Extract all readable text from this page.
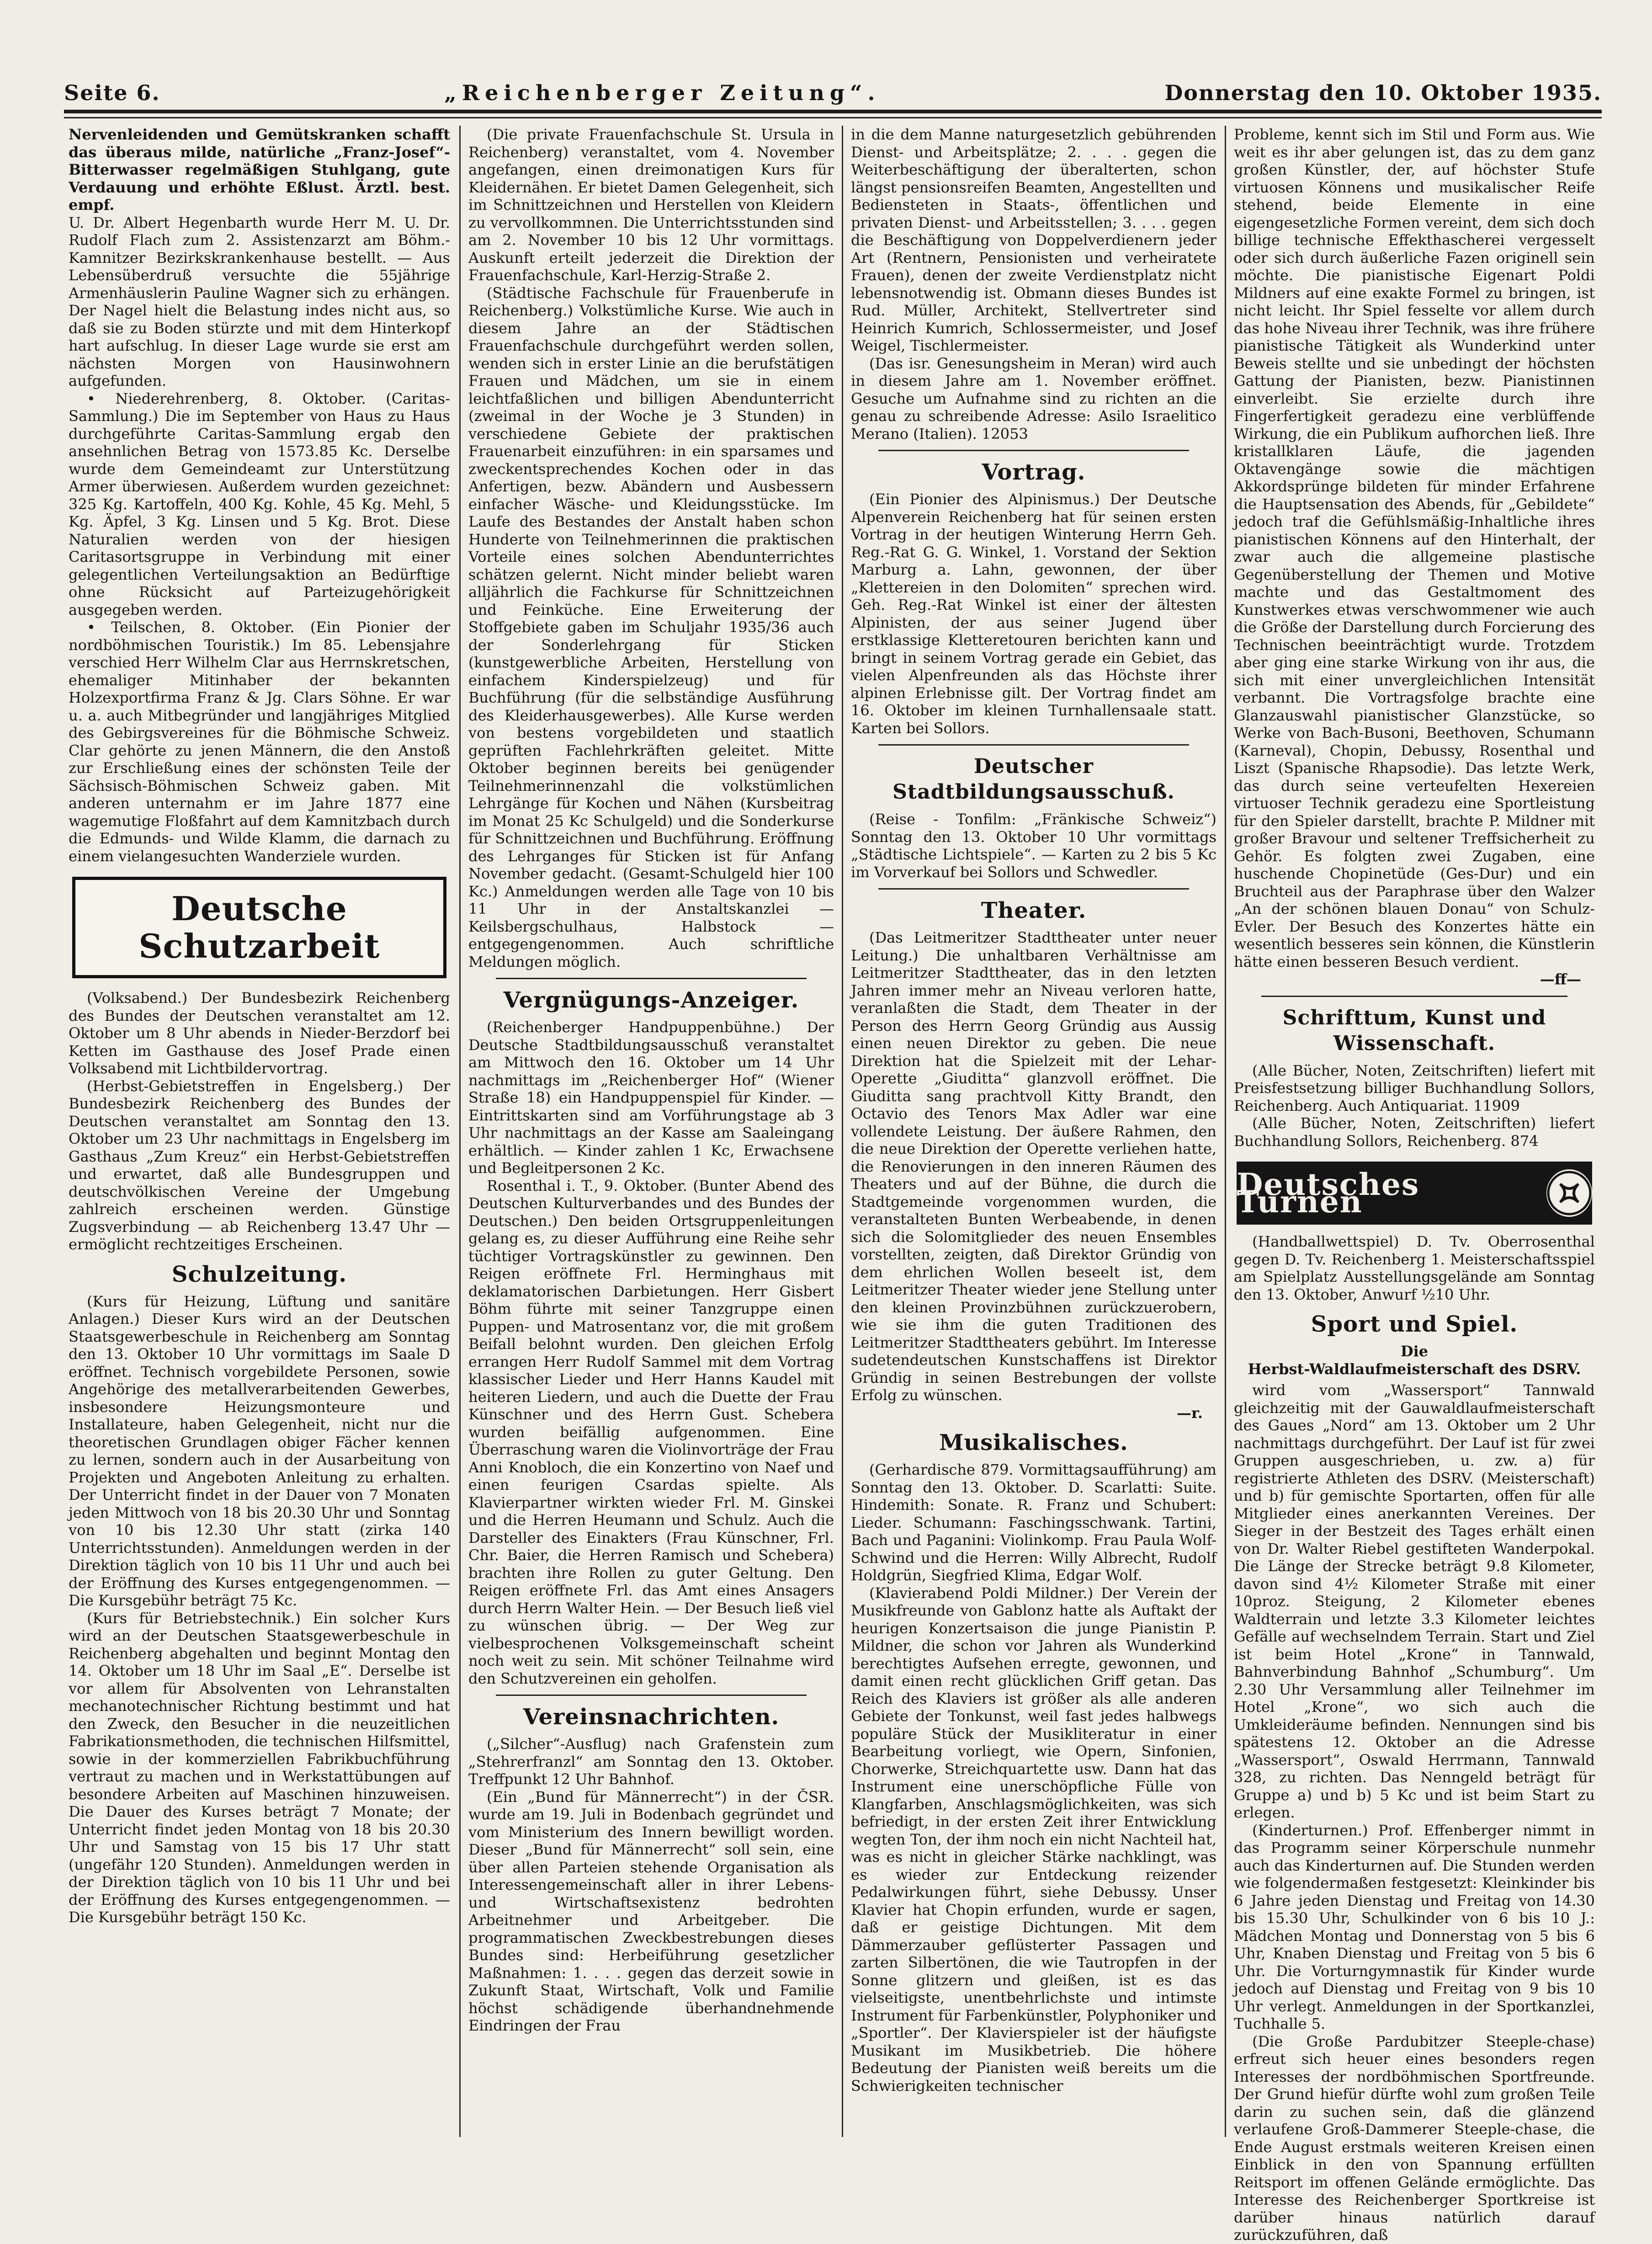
Seite 6.	„Reichenberger Zeitung“.	Donnerstag den 10. Oktober 1935.

Nervenleidenden und Gemütskranken schafft das überaus milde, natürliche „Franz-Josef“-Bitterwasser regelmäßigen Stuhlgang, gute Verdauung und erhöhte Eßlust. Ärztl. best. empf.

U. Dr. Albert Hegenbarth wurde Herr M. U. Dr. Rudolf Flach zum 2. Assistenzarzt am Böhm.-Kamnitzer Bezirkskrankenhause bestellt. — Aus Lebensüberdruß versuchte die 55jährige Armenhäuslerin Pauline Wagner sich zu erhängen. Der Nagel hielt die Belastung indes nicht aus, so daß sie zu Boden stürzte und mit dem Hinterkopf hart aufschlug. In dieser Lage wurde sie erst am nächsten Morgen von Hausinwohnern aufgefunden.

• Niederehrenberg, 8. Oktober. (Caritas-Sammlung.) Die im September von Haus zu Haus durchgeführte Caritas-Sammlung ergab den ansehnlichen Betrag von 1573.85 Kc. Derselbe wurde dem Gemeindeamt zur Unterstützung Armer überwiesen. Außerdem wurden gezeichnet: 325 Kg. Kartoffeln, 400 Kg. Kohle, 45 Kg. Mehl, 5 Kg. Äpfel, 3 Kg. Linsen und 5 Kg. Brot. Diese Naturalien werden von der hiesigen Caritasortsgruppe in Verbindung mit einer gelegentlichen Verteilungsaktion an Bedürftige ohne Rücksicht auf Parteizugehörigkeit ausgegeben werden.

• Teilschen, 8. Oktober. (Ein Pionier der nordböhmischen Touristik.) Im 85. Lebensjahre verschied Herr Wilhelm Clar aus Herrnskretschen, ehemaliger Mitinhaber der bekannten Holzexportfirma Franz & Jg. Clars Söhne. Er war u. a. auch Mitbegründer und langjähriges Mitglied des Gebirgsvereines für die Böhmische Schweiz. Clar gehörte zu jenen Männern, die den Anstoß zur Erschließung eines der schönsten Teile der Sächsisch-Böhmischen Schweiz gaben. Mit anderen unternahm er im Jahre 1877 eine wagemutige Floßfahrt auf dem Kamnitzbach durch die Edmunds- und Wilde Klamm, die darnach zu einem vielangesuchten Wanderziele wurden.

Deutsche Schutzarbeit

(Volksabend.) Der Bundesbezirk Reichenberg des Bundes der Deutschen veranstaltet am 12. Oktober um 8 Uhr abends in Nieder-Berzdorf bei Ketten im Gasthause des Josef Prade einen Volksabend mit Lichtbildervortrag.

(Herbst-Gebietstreffen in Engelsberg.) Der Bundesbezirk Reichenberg des Bundes der Deutschen veranstaltet am Sonntag den 13. Oktober um 23 Uhr nachmittags in Engelsberg im Gasthaus „Zum Kreuz“ ein Herbst-Gebietstreffen und erwartet, daß alle Bundesgruppen und deutschvölkischen Vereine der Umgebung zahlreich erscheinen werden. Günstige Zugsverbindung — ab Reichenberg 13.47 Uhr — ermöglicht rechtzeitiges Erscheinen.

Schulzeitung.

(Kurs für Heizung, Lüftung und sanitäre Anlagen.) Dieser Kurs wird an der Deutschen Staatsgewerbeschule in Reichenberg am Sonntag den 13. Oktober 10 Uhr vormittags im Saale D eröffnet. Technisch vorgebildete Personen, sowie Angehörige des metallverarbeitenden Gewerbes, insbesondere Heizungsmonteure und Installateure, haben Gelegenheit, nicht nur die theoretischen Grundlagen obiger Fächer kennen zu lernen, sondern auch in der Ausarbeitung von Projekten und Angeboten Anleitung zu erhalten. Der Unterricht findet in der Dauer von 7 Monaten jeden Mittwoch von 18 bis 20.30 Uhr und Sonntag von 10 bis 12.30 Uhr statt (zirka 140 Unterrichtsstunden). Anmeldungen werden in der Direktion täglich von 10 bis 11 Uhr und auch bei der Eröffnung des Kurses entgegengenommen. — Die Kursgebühr beträgt 75 Kc.

(Kurs für Betriebstechnik.) Ein solcher Kurs wird an der Deutschen Staatsgewerbeschule in Reichenberg abgehalten und beginnt Montag den 14. Oktober um 18 Uhr im Saal „E“. Derselbe ist vor allem für Absolventen von Lehranstalten mechanotechnischer Richtung bestimmt und hat den Zweck, den Besucher in die neuzeitlichen Fabrikationsmethoden, die technischen Hilfsmittel, sowie in der kommerziellen Fabrikbuchführung vertraut zu machen und in Werkstattübungen auf besondere Arbeiten auf Maschinen hinzuweisen. Die Dauer des Kurses beträgt 7 Monate; der Unterricht findet jeden Montag von 18 bis 20.30 Uhr und Samstag von 15 bis 17 Uhr statt (ungefähr 120 Stunden). Anmeldungen werden in der Direktion täglich von 10 bis 11 Uhr und bei der Eröffnung des Kurses entgegengenommen. — Die Kursgebühr beträgt 150 Kc.

(Die private Frauenfachschule St. Ursula in Reichenberg) veranstaltet, vom 4. November angefangen, einen dreimonatigen Kurs für Kleidernähen. Er bietet Damen Gelegenheit, sich im Schnittzeichnen und Herstellen von Kleidern zu vervollkommnen. Die Unterrichtsstunden sind am 2. November 10 bis 12 Uhr vormittags. Auskunft erteilt jederzeit die Direktion der Frauenfachschule, Karl-Herzig-Straße 2.

(Städtische Fachschule für Frauenberufe in Reichenberg.) Volkstümliche Kurse. Wie auch in diesem Jahre an der Städtischen Frauenfachschule durchgeführt werden sollen, wenden sich in erster Linie an die berufstätigen Frauen und Mädchen, um sie in einem leichtfaßlichen und billigen Abendunterricht (zweimal in der Woche je 3 Stunden) in verschiedene Gebiete der praktischen Frauenarbeit einzuführen: in ein sparsames und zweckentsprechendes Kochen oder in das Anfertigen, bezw. Abändern und Ausbessern einfacher Wäsche- und Kleidungsstücke. Im Laufe des Bestandes der Anstalt haben schon Hunderte von Teilnehmerinnen die praktischen Vorteile eines solchen Abendunterrichtes schätzen gelernt. Nicht minder beliebt waren alljährlich die Fachkurse für Schnittzeichnen und Feinküche. Eine Erweiterung der Stoffgebiete gaben im Schuljahr 1935/36 auch der Sonderlehrgang für Sticken (kunstgewerbliche Arbeiten, Herstellung von einfachem Kinderspielzeug) und für Buchführung (für die selbständige Ausführung des Kleiderhausgewerbes). Alle Kurse werden von bestens vorgebildeten und staatlich geprüften Fachlehrkräften geleitet. Mitte Oktober beginnen bereits bei genügender Teilnehmerinnenzahl die volkstümlichen Lehrgänge für Kochen und Nähen (Kursbeitrag im Monat 25 Kc Schulgeld) und die Sonderkurse für Schnittzeichnen und Buchführung. Eröffnung des Lehrganges für Sticken ist für Anfang November gedacht. (Gesamt-Schulgeld hier 100 Kc.) Anmeldungen werden alle Tage von 10 bis 11 Uhr in der Anstaltskanzlei — Keilsbergschulhaus, Halbstock — entgegengenommen. Auch schriftliche Meldungen möglich.

Vergnügungs-Anzeiger.

(Reichenberger Handpuppenbühne.) Der Deutsche Stadtbildungsausschuß veranstaltet am Mittwoch den 16. Oktober um 14 Uhr nachmittags im „Reichenberger Hof“ (Wiener Straße 18) ein Handpuppenspiel für Kinder. — Eintrittskarten sind am Vorführungstage ab 3 Uhr nachmittags an der Kasse am Saaleingang erhältlich. — Kinder zahlen 1 Kc, Erwachsene und Begleitpersonen 2 Kc.

Rosenthal i. T., 9. Oktober. (Bunter Abend des Deutschen Kulturverbandes und des Bundes der Deutschen.) Den beiden Ortsgruppenleitungen gelang es, zu dieser Aufführung eine Reihe sehr tüchtiger Vortragskünstler zu gewinnen. Den Reigen eröffnete Frl. Herminghaus mit deklamatorischen Darbietungen. Herr Gisbert Böhm führte mit seiner Tanzgruppe einen Puppen- und Matrosentanz vor, die mit großem Beifall belohnt wurden. Den gleichen Erfolg errangen Herr Rudolf Sammel mit dem Vortrag klassischer Lieder und Herr Hanns Kaudel mit heiteren Liedern, und auch die Duette der Frau Künschner und des Herrn Gust. Schebera wurden beifällig aufgenommen. Eine Überraschung waren die Violinvorträge der Frau Anni Knobloch, die ein Konzertino von Naef und einen feurigen Csardas spielte. Als Klavierpartner wirkten wieder Frl. M. Ginskei und die Herren Heumann und Schulz. Auch die Darsteller des Einakters (Frau Künschner, Frl. Chr. Baier, die Herren Ramisch und Schebera) brachten ihre Rollen zu guter Geltung. Den Reigen eröffnete Frl. das Amt eines Ansagers durch Herrn Walter Hein. — Der Besuch ließ viel zu wünschen übrig. — Der Weg zur vielbesprochenen Volksgemeinschaft scheint noch weit zu sein. Mit schöner Teilnahme wird den Schutzvereinen ein geholfen.

Vereinsnachrichten.

(„Silcher“-Ausflug) nach Grafenstein zum „Stehrerfranzl“ am Sonntag den 13. Oktober. Treffpunkt 12 Uhr Bahnhof.

(Ein „Bund für Männerrecht“) in der ČSR. wurde am 19. Juli in Bodenbach gegründet und vom Ministerium des Innern bewilligt worden. Dieser „Bund für Männerrecht“ soll sein, eine über allen Parteien stehende Organisation als Interessengemeinschaft aller in ihrer Lebens- und Wirtschaftsexistenz bedrohten Arbeitnehmer und Arbeitgeber. Die programmatischen Zweckbestrebungen dieses Bundes sind: Herbeiführung gesetzlicher Maßnahmen: 1. . . . gegen das derzeit sowie in Zukunft Staat, Wirtschaft, Volk und Familie höchst schädigende überhandnehmende Eindringen der Frau

in die dem Manne naturgesetzlich gebührenden Dienst- und Arbeitsplätze; 2. . . . gegen die Weiterbeschäftigung der überalterten, schon längst pensionsreifen Beamten, Angestellten und Bediensteten in Staats-, öffentlichen und privaten Dienst- und Arbeitsstellen; 3. . . . gegen die Beschäftigung von Doppelverdienern jeder Art (Rentnern, Pensionisten und verheiratete Frauen), denen der zweite Verdienstplatz nicht lebensnotwendig ist. Obmann dieses Bundes ist Rud. Müller, Architekt, Stellvertreter sind Heinrich Kumrich, Schlossermeister, und Josef Weigel, Tischlermeister.

(Das isr. Genesungsheim in Meran) wird auch in diesem Jahre am 1. November eröffnet. Gesuche um Aufnahme sind zu richten an die genau zu schreibende Adresse: Asilo Israelitico Merano (Italien). 12053

Vortrag.

(Ein Pionier des Alpinismus.) Der Deutsche Alpenverein Reichenberg hat für seinen ersten Vortrag in der heutigen Winterung Herrn Geh. Reg.-Rat G. G. Winkel, 1. Vorstand der Sektion Marburg a. Lahn, gewonnen, der über „Klettereien in den Dolomiten“ sprechen wird. Geh. Reg.-Rat Winkel ist einer der ältesten Alpinisten, der aus seiner Jugend über erstklassige Kletteretouren berichten kann und bringt in seinem Vortrag gerade ein Gebiet, das vielen Alpenfreunden als das Höchste ihrer alpinen Erlebnisse gilt. Der Vortrag findet am 16. Oktober im kleinen Turnhallensaale statt. Karten bei Sollors.

Deutscher Stadtbildungsausschuß.

(Reise - Tonfilm: „Fränkische Schweiz“) Sonntag den 13. Oktober 10 Uhr vormittags „Städtische Lichtspiele“. — Karten zu 2 bis 5 Kc im Vorverkauf bei Sollors und Schwedler.

Theater.

(Das Leitmeritzer Stadttheater unter neuer Leitung.) Die unhaltbaren Verhältnisse am Leitmeritzer Stadttheater, das in den letzten Jahren immer mehr an Niveau verloren hatte, veranlaßten die Stadt, dem Theater in der Person des Herrn Georg Gründig aus Aussig einen neuen Direktor zu geben. Die neue Direktion hat die Spielzeit mit der Lehar-Operette „Giuditta“ glanzvoll eröffnet. Die Giuditta sang prachtvoll Kitty Brandt, den Octavio des Tenors Max Adler war eine vollendete Leistung. Der äußere Rahmen, den die neue Direktion der Operette verliehen hatte, die Renovierungen in den inneren Räumen des Theaters und auf der Bühne, die durch die Stadtgemeinde vorgenommen wurden, die veranstalteten Bunten Werbeabende, in denen sich die Solomitglieder des neuen Ensembles vorstellten, zeigten, daß Direktor Gründig von dem ehrlichen Wollen beseelt ist, dem Leitmeritzer Theater wieder jene Stellung unter den kleinen Provinzbühnen zurückzuerobern, wie sie ihm die guten Traditionen des Leitmeritzer Stadttheaters gebührt. Im Interesse sudetendeutschen Kunstschaffens ist Direktor Gründig in seinen Bestrebungen der vollste Erfolg zu wünschen.

—r.
Musikalisches.

(Gerhardische 879. Vormittagsaufführung) am Sonntag den 13. Oktober. D. Scarlatti: Suite. Hindemith: Sonate. R. Franz und Schubert: Lieder. Schumann: Faschingsschwank. Tartini, Bach und Paganini: Violinkomp. Frau Paula Wolf-Schwind und die Herren: Willy Albrecht, Rudolf Holdgrün, Siegfried Klima, Edgar Wolf.

(Klavierabend Poldi Mildner.) Der Verein der Musikfreunde von Gablonz hatte als Auftakt der heurigen Konzertsaison die junge Pianistin P. Mildner, die schon vor Jahren als Wunderkind berechtigtes Aufsehen erregte, gewonnen, und damit einen recht glücklichen Griff getan. Das Reich des Klaviers ist größer als alle anderen Gebiete der Tonkunst, weil fast jedes halbwegs populäre Stück der Musikliteratur in einer Bearbeitung vorliegt, wie Opern, Sinfonien, Chorwerke, Streichquartette usw. Dann hat das Instrument eine unerschöpfliche Fülle von Klangfarben, Anschlagsmöglichkeiten, was sich befriedigt, in der ersten Zeit ihrer Entwicklung wegten Ton, der ihm noch ein nicht Nachteil hat, was es nicht in gleicher Stärke nachklingt, was es wieder zur Entdeckung reizender Pedalwirkungen führt, siehe Debussy. Unser Klavier hat Chopin erfunden, wurde er sagen, daß er geistige Dichtungen. Mit dem Dämmerzauber geflüsterter Passagen und zarten Silbertönen, die wie Tautropfen in der Sonne glitzern und gleißen, ist es das vielseitigste, unentbehrlichste und intimste Instrument für Farbenkünstler, Polyphoniker und „Sportler“. Der Klavierspieler ist der häufigste Musikant im Musikbetrieb. Die höhere Bedeutung der Pianisten weiß bereits um die Schwierigkeiten technischer

Probleme, kennt sich im Stil und Form aus. Wie weit es ihr aber gelungen ist, das zu dem ganz großen Künstler, der, auf höchster Stufe virtuosen Könnens und musikalischer Reife stehend, beide Elemente in eine eigengesetzliche Formen vereint, dem sich doch billige technische Effekthascherei vergesselt oder sich durch äußerliche Fazen originell sein möchte. Die pianistische Eigenart Poldi Mildners auf eine exakte Formel zu bringen, ist nicht leicht. Ihr Spiel fesselte vor allem durch das hohe Niveau ihrer Technik, was ihre frühere pianistische Tätigkeit als Wunderkind unter Beweis stellte und sie unbedingt der höchsten Gattung der Pianisten, bezw. Pianistinnen einverleibt. Sie erzielte durch ihre Fingerfertigkeit geradezu eine verblüffende Wirkung, die ein Publikum aufhorchen ließ. Ihre kristallklaren Läufe, die jagenden Oktavengänge sowie die mächtigen Akkordsprünge bildeten für minder Erfahrene die Hauptsensation des Abends, für „Gebildete“ jedoch traf die Gefühlsmäßig-Inhaltliche ihres pianistischen Könnens auf den Hinterhalt, der zwar auch die allgemeine plastische Gegenüberstellung der Themen und Motive machte und das Gestaltmoment des Kunstwerkes etwas verschwommener wie auch die Größe der Darstellung durch Forcierung des Technischen beeinträchtigt wurde. Trotzdem aber ging eine starke Wirkung von ihr aus, die sich mit einer unvergleichlichen Intensität verbannt. Die Vortragsfolge brachte eine Glanzauswahl pianistischer Glanzstücke, so Werke von Bach-Busoni, Beethoven, Schumann (Karneval), Chopin, Debussy, Rosenthal und Liszt (Spanische Rhapsodie). Das letzte Werk, das durch seine verteufelten Hexereien virtuoser Technik geradezu eine Sportleistung für den Spieler darstellt, brachte P. Mildner mit großer Bravour und seltener Treffsicherheit zu Gehör. Es folgten zwei Zugaben, eine huschende Chopinetüde (Ges-Dur) und ein Bruchteil aus der Paraphrase über den Walzer „An der schönen blauen Donau“ von Schulz-Evler. Der Besuch des Konzertes hätte ein wesentlich besseres sein können, die Künstlerin hätte einen besseren Besuch verdient.

—ff—
Schrifttum, Kunst und Wissenschaft.

(Alle Bücher, Noten, Zeitschriften) liefert mit Preisfestsetzung billiger Buchhandlung Sollors, Reichenberg. Auch Antiquariat. 11909

(Alle Bücher, Noten, Zeitschriften) liefert Buchhandlung Sollors, Reichenberg. 874

Deutsches Turnen

(Handballwettspiel) D. Tv. Oberrosenthal gegen D. Tv. Reichenberg 1. Meisterschaftsspiel am Spielplatz Ausstellungsgelände am Sonntag den 13. Oktober, Anwurf ½10 Uhr.

Sport und Spiel.
Die
Herbst-Waldlaufmeisterschaft des DSRV.

wird vom „Wassersport“ Tannwald gleichzeitig mit der Gauwaldlaufmeisterschaft des Gaues „Nord“ am 13. Oktober um 2 Uhr nachmittags durchgeführt. Der Lauf ist für zwei Gruppen ausgeschrieben, u. zw. a) für registrierte Athleten des DSRV. (Meisterschaft) und b) für gemischte Sportarten, offen für alle Mitglieder eines anerkannten Vereines. Der Sieger in der Bestzeit des Tages erhält einen von Dr. Walter Riebel gestifteten Wanderpokal. Die Länge der Strecke beträgt 9.8 Kilometer, davon sind 4½ Kilometer Straße mit einer 10proz. Steigung, 2 Kilometer ebenes Waldterrain und letzte 3.3 Kilometer leichtes Gefälle auf wechselndem Terrain. Start und Ziel ist beim Hotel „Krone“ in Tannwald, Bahnverbindung Bahnhof „Schumburg“. Um 2.30 Uhr Versammlung aller Teilnehmer im Hotel „Krone“, wo sich auch die Umkleideräume befinden. Nennungen sind bis spätestens 12. Oktober an die Adresse „Wassersport“, Oswald Herrmann, Tannwald 328, zu richten. Das Nenngeld beträgt für Gruppe a) und b) 5 Kc und ist beim Start zu erlegen.

(Kinderturnen.) Prof. Effenberger nimmt in das Programm seiner Körperschule nunmehr auch das Kinderturnen auf. Die Stunden werden wie folgendermaßen festgesetzt: Kleinkinder bis 6 Jahre jeden Dienstag und Freitag von 14.30 bis 15.30 Uhr, Schulkinder von 6 bis 10 J.: Mädchen Montag und Donnerstag von 5 bis 6 Uhr, Knaben Dienstag und Freitag von 5 bis 6 Uhr. Die Vorturngymnastik für Kinder wurde jedoch auf Dienstag und Freitag von 9 bis 10 Uhr verlegt. Anmeldungen in der Sportkanzlei, Tuchhalle 5.

(Die Große Pardubitzer Steeple-chase) erfreut sich heuer eines besonders regen Interesses der nordböhmischen Sportfreunde. Der Grund hiefür dürfte wohl zum großen Teile darin zu suchen sein, daß die glänzend verlaufene Groß-Dammerer Steeple-chase, die Ende August erstmals weiteren Kreisen einen Einblick in den von Spannung erfüllten Reitsport im offenen Gelände ermöglichte. Das Interesse des Reichenberger Sportkreise ist darüber hinaus natürlich darauf zurückzuführen, daß
